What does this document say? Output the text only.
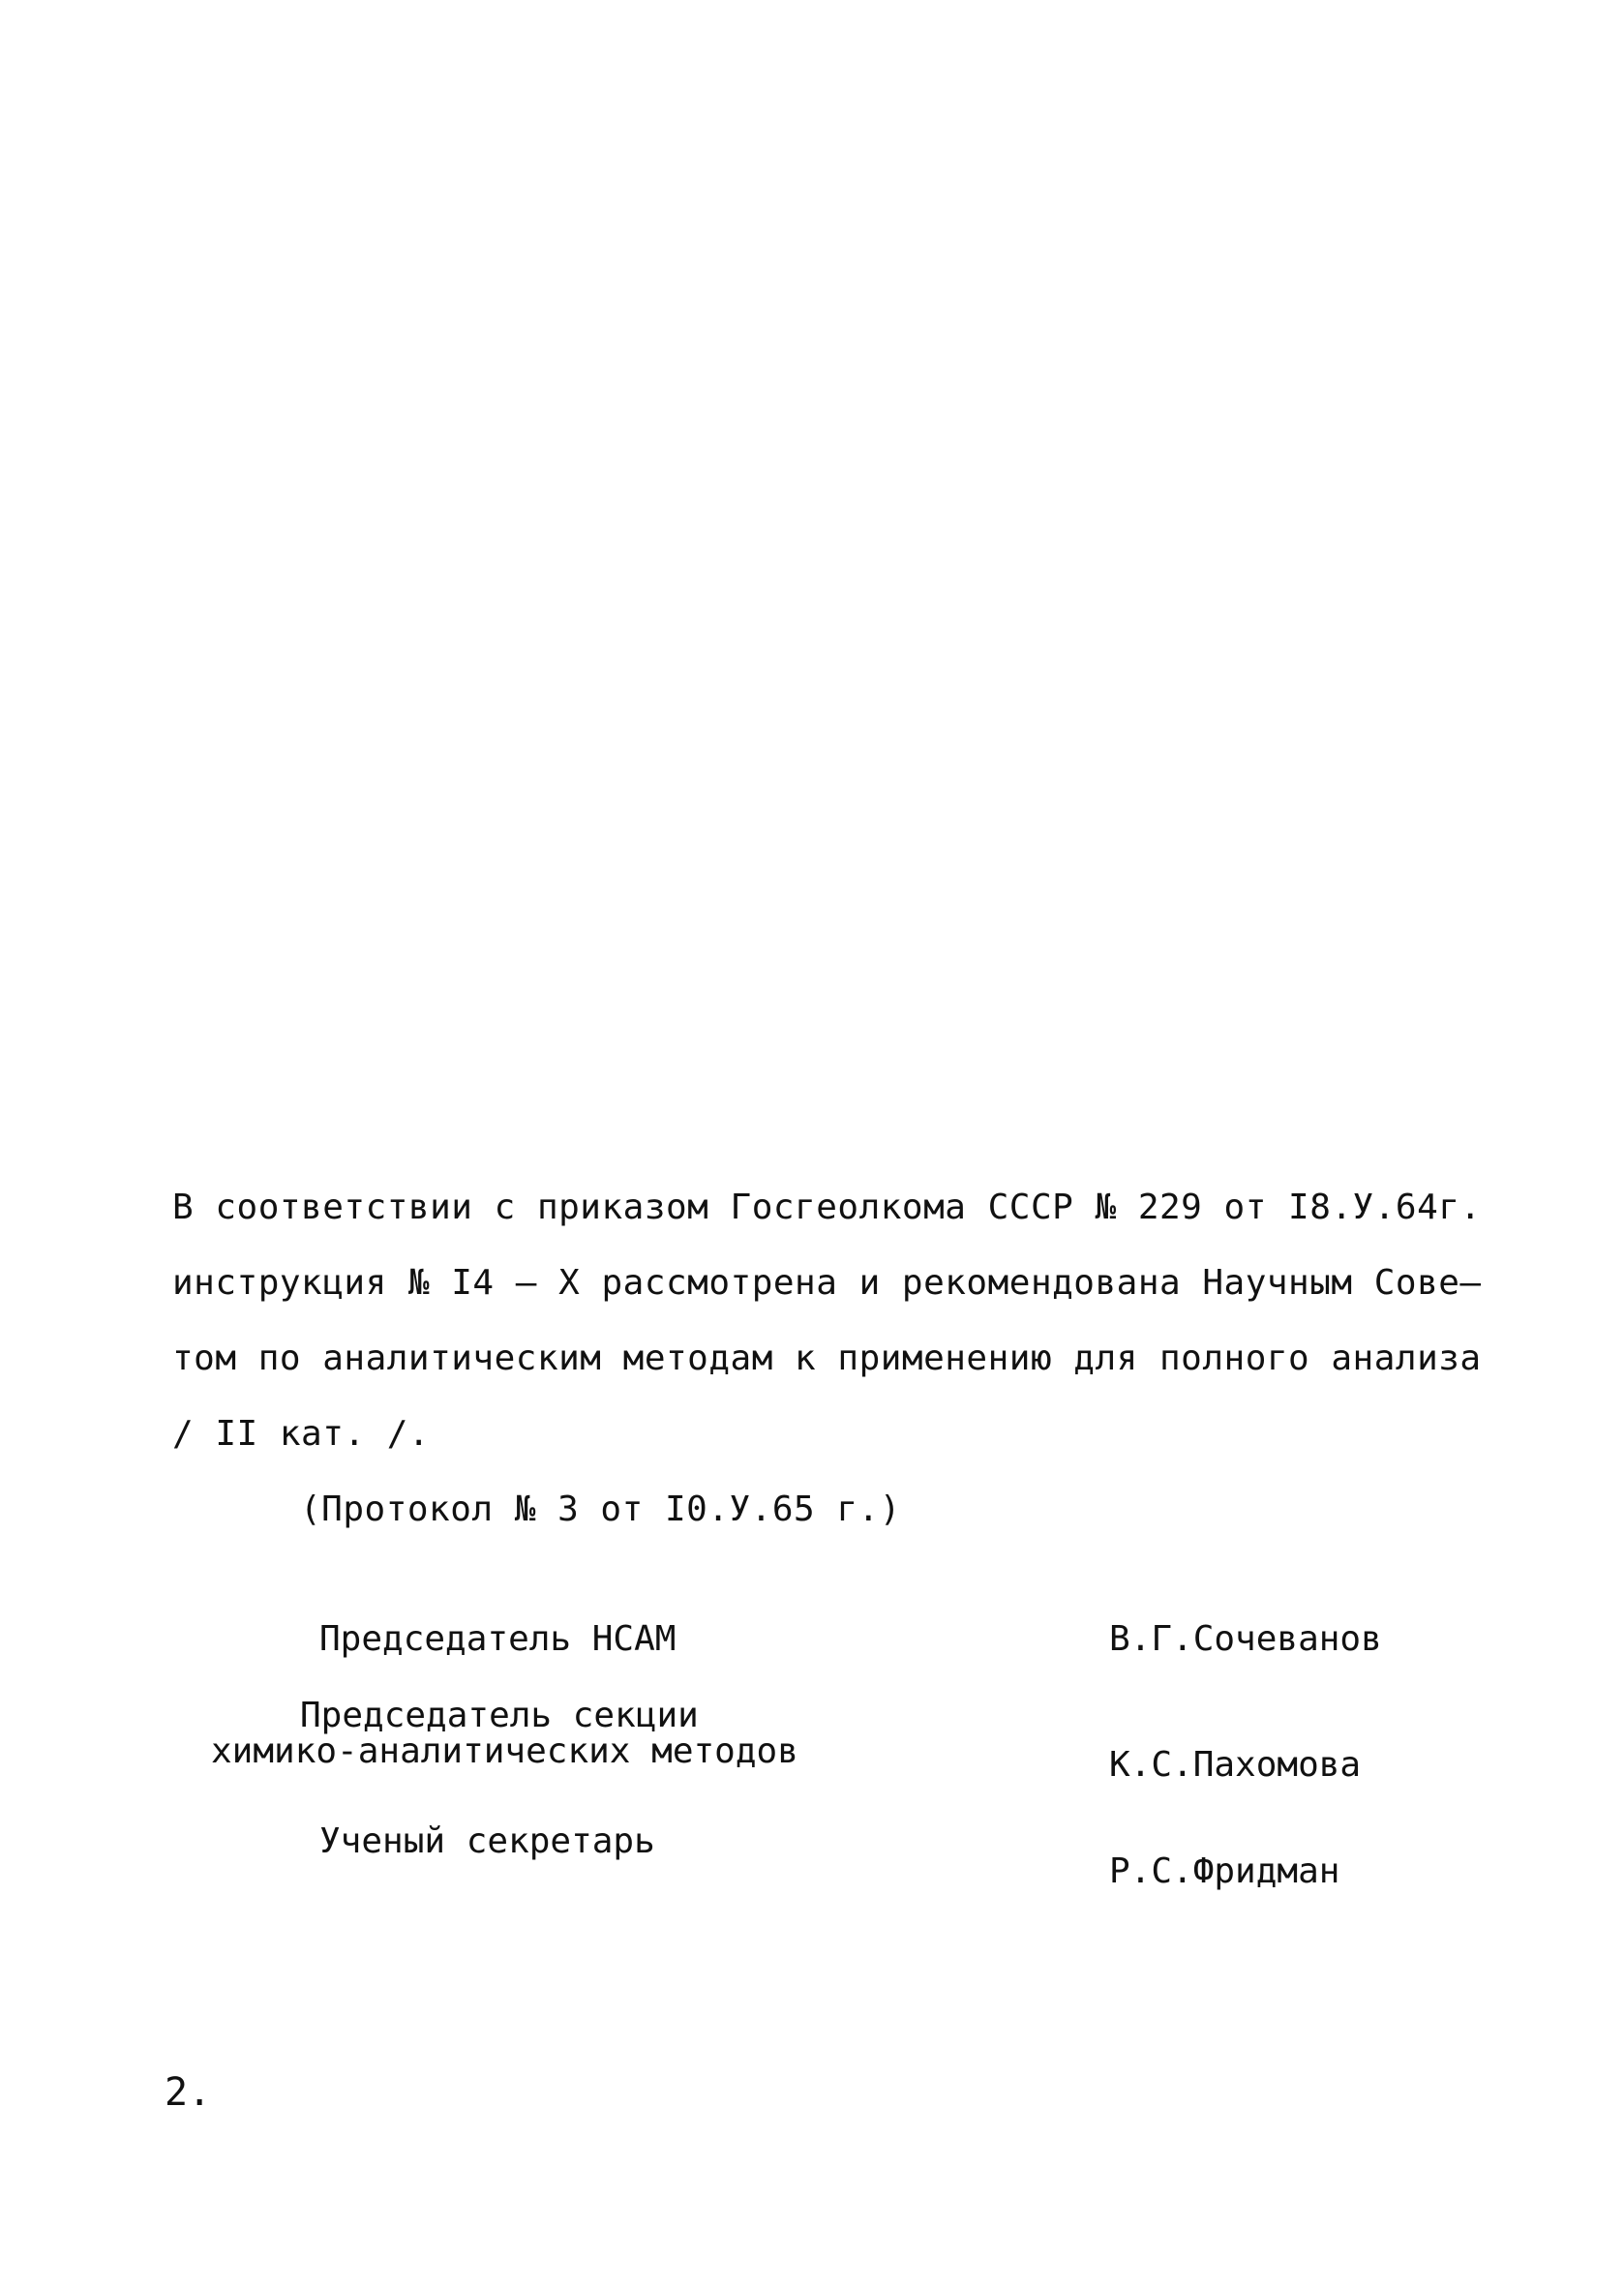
В соответствии с приказом Госгеолкома СССР № 229 от I8.У.64г.
инструкция № I4 – Х рассмотрена и рекомендована Научным Сове–
том по аналитическим методам к применению для полного анализа
/ II кат. /.
(Протокол № 3 от I0.У.65 г.)
Председатель НСАМ
Председатель секции
химико-аналитических методов
Ученый секретарь
В.Г.Сочеванов
К.С.Пахомова
Р.С.Фридман
2.
